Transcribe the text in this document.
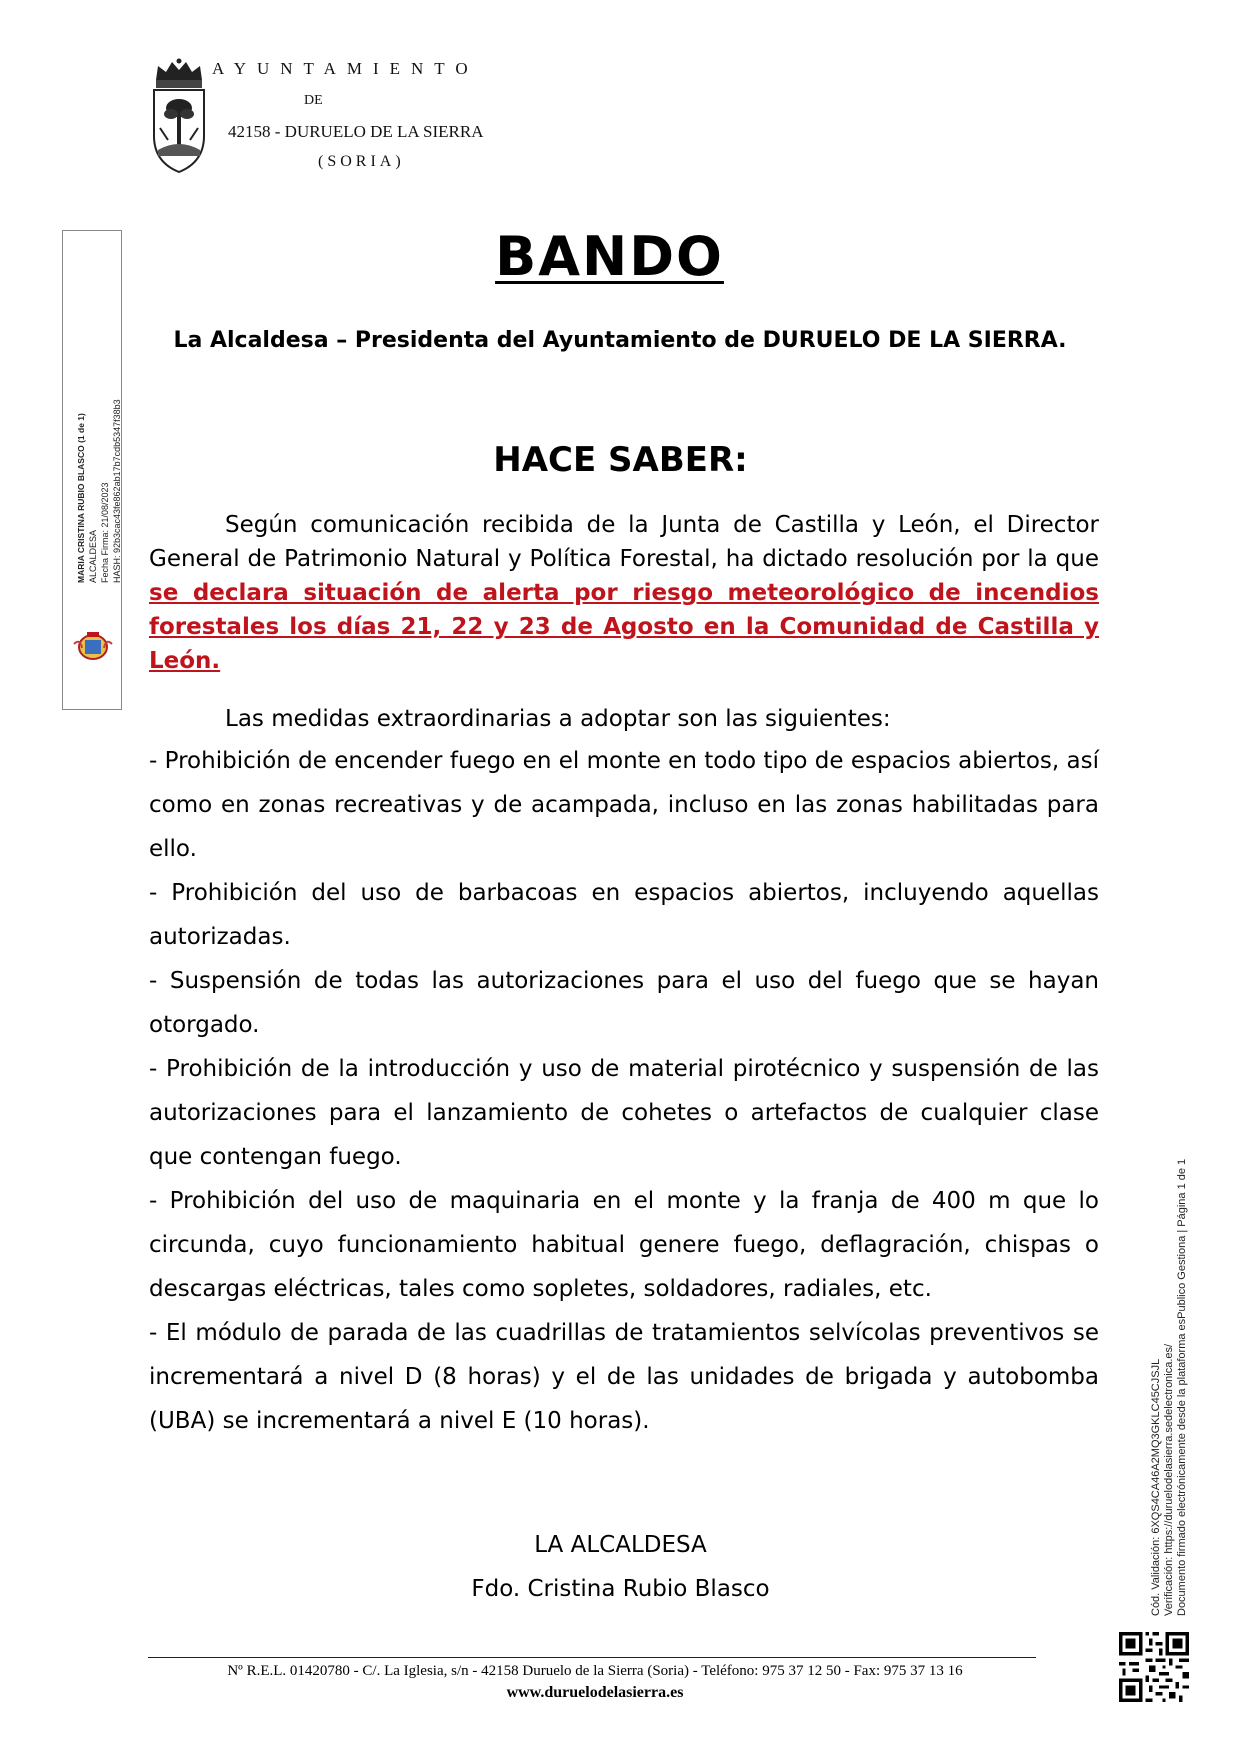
AYUNTAMIENTO
DE
42158 - DURUELO DE LA SIERRA
(SORIA)
MARIA CRISTINA RUBIO BLASCO (1 de 1) ALCALDESA Fecha Firma: 21/08/2023 HASH: 92b3cac43fe862ab17b7cdb5347f38b3
Cód. Validación: 6XQS4CA46A2MQ3GKLC45CJSJL Verificación: https://duruelodelasierra.sedelectronica.es/ Documento firmado electrónicamente desde la plataforma esPublico Gestiona | Página 1 de 1
BANDO
La Alcaldesa – Presidenta del Ayuntamiento de DURUELO DE LA SIERRA.
HACE SABER:

Según comunicación recibida de la Junta de Castilla y León, el Director General de Patrimonio Natural y Política Forestal, ha dictado resolución por la que se declara situación de alerta por riesgo meteorológico de incendios forestales los días 21, 22 y 23 de Agosto en la Comunidad de Castilla y León.

Las medidas extraordinarias a adoptar son las siguientes:

- Prohibición de encender fuego en el monte en todo tipo de espacios abiertos, así como en zonas recreativas y de acampada, incluso en las zonas habilitadas para ello.
- Prohibición del uso de barbacoas en espacios abiertos, incluyendo aquellas autorizadas.
- Suspensión de todas las autorizaciones para el uso del fuego que se hayan otorgado.
- Prohibición de la introducción y uso de material pirotécnico y suspensión de las autorizaciones para el lanzamiento de cohetes o artefactos de cualquier clase que contengan fuego.
- Prohibición del uso de maquinaria en el monte y la franja de 400 m que lo circunda, cuyo funcionamiento habitual genere fuego, deflagración, chispas o descargas eléctricas, tales como sopletes, soldadores, radiales, etc.
- El módulo de parada de las cuadrillas de tratamientos selvícolas preventivos se incrementará a nivel D (8 horas) y el de las unidades de brigada y autobomba (UBA) se incrementará a nivel E (10 horas).
LA ALCALDESA
Fdo. Cristina Rubio Blasco
Nº R.E.L. 01420780 - C/. La Iglesia, s/n - 42158 Duruelo de la Sierra (Soria) - Teléfono: 975 37 12 50 - Fax: 975 37 13 16
www.duruelodelasierra.es
